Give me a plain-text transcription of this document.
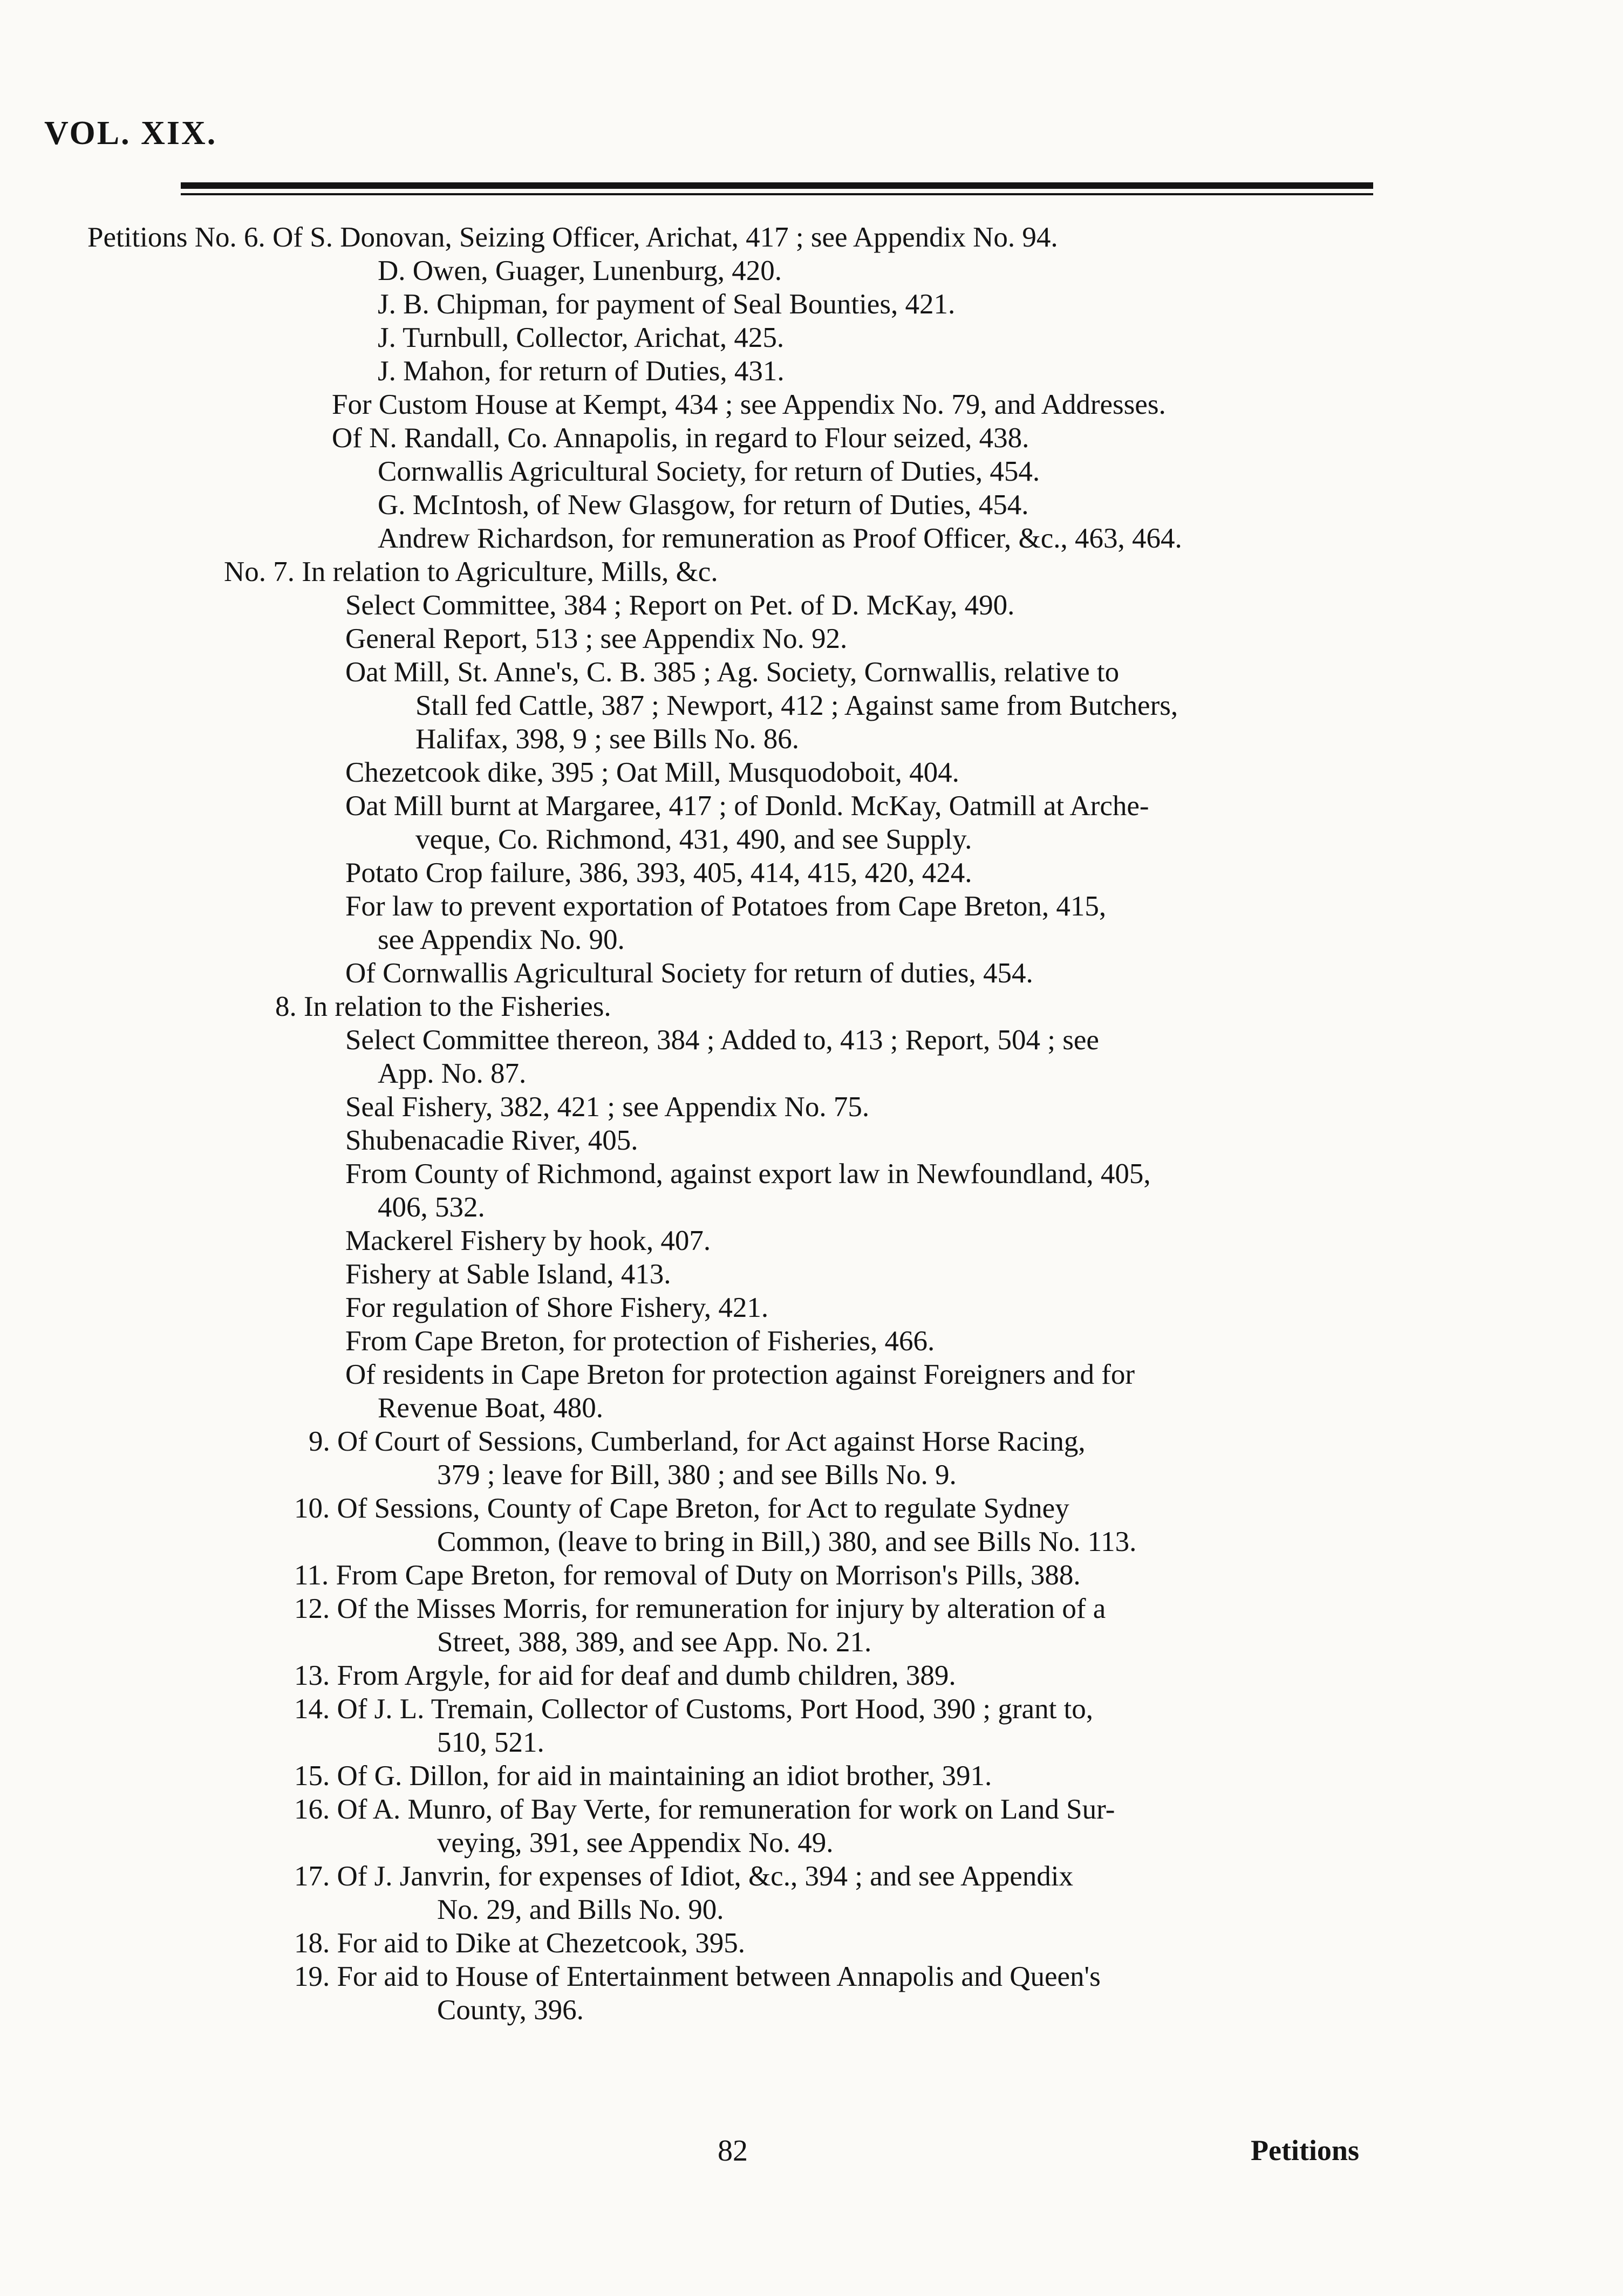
VOL. XIX.
Petitions No. 6. Of S. Donovan, Seizing Officer, Arichat, 417 ; see Appendix No. 94.
D. Owen, Guager, Lunenburg, 420.
J. B. Chipman, for payment of Seal Bounties, 421.
J. Turnbull, Collector, Arichat, 425.
J. Mahon, for return of Duties, 431.
For Custom House at Kempt, 434 ; see Appendix No. 79, and Addresses.
Of N. Randall, Co. Annapolis, in regard to Flour seized, 438.
Cornwallis Agricultural Society, for return of Duties, 454.
G. McIntosh, of New Glasgow, for return of Duties, 454.
Andrew Richardson, for remuneration as Proof Officer, &c., 463, 464.
No. 7. In relation to Agriculture, Mills, &c.
Select Committee, 384 ; Report on Pet. of D. McKay, 490.
General Report, 513 ; see Appendix No. 92.
Oat Mill, St. Anne's, C. B. 385 ; Ag. Society, Cornwallis, relative to
Stall fed Cattle, 387 ; Newport, 412 ; Against same from Butchers,
Halifax, 398, 9 ; see Bills No. 86.
Chezetcook dike, 395 ; Oat Mill, Musquodoboit, 404.
Oat Mill burnt at Margaree, 417 ; of Donld. McKay, Oatmill at Arche-
veque, Co. Richmond, 431, 490, and see Supply.
Potato Crop failure, 386, 393, 405, 414, 415, 420, 424.
For law to prevent exportation of Potatoes from Cape Breton, 415,
see Appendix No. 90.
Of Cornwallis Agricultural Society for return of duties, 454.
8. In relation to the Fisheries.
Select Committee thereon, 384 ; Added to, 413 ; Report, 504 ; see
App. No. 87.
Seal Fishery, 382, 421 ; see Appendix No. 75.
Shubenacadie River, 405.
From County of Richmond, against export law in Newfoundland, 405,
406, 532.
Mackerel Fishery by hook, 407.
Fishery at Sable Island, 413.
For regulation of Shore Fishery, 421.
From Cape Breton, for protection of Fisheries, 466.
Of residents in Cape Breton for protection against Foreigners and for
Revenue Boat, 480.
9. Of Court of Sessions, Cumberland, for Act against Horse Racing,
379 ; leave for Bill, 380 ; and see Bills No. 9.
10. Of Sessions, County of Cape Breton, for Act to regulate Sydney
Common, (leave to bring in Bill,) 380, and see Bills No. 113.
11. From Cape Breton, for removal of Duty on Morrison's Pills, 388.
12. Of the Misses Morris, for remuneration for injury by alteration of a
Street, 388, 389, and see App. No. 21.
13. From Argyle, for aid for deaf and dumb children, 389.
14. Of J. L. Tremain, Collector of Customs, Port Hood, 390 ; grant to,
510, 521.
15. Of G. Dillon, for aid in maintaining an idiot brother, 391.
16. Of A. Munro, of Bay Verte, for remuneration for work on Land Sur-
veying, 391, see Appendix No. 49.
17. Of J. Janvrin, for expenses of Idiot, &c., 394 ; and see Appendix
No. 29, and Bills No. 90.
18. For aid to Dike at Chezetcook, 395.
19. For aid to House of Entertainment between Annapolis and Queen's
County, 396.
82	Petitions
